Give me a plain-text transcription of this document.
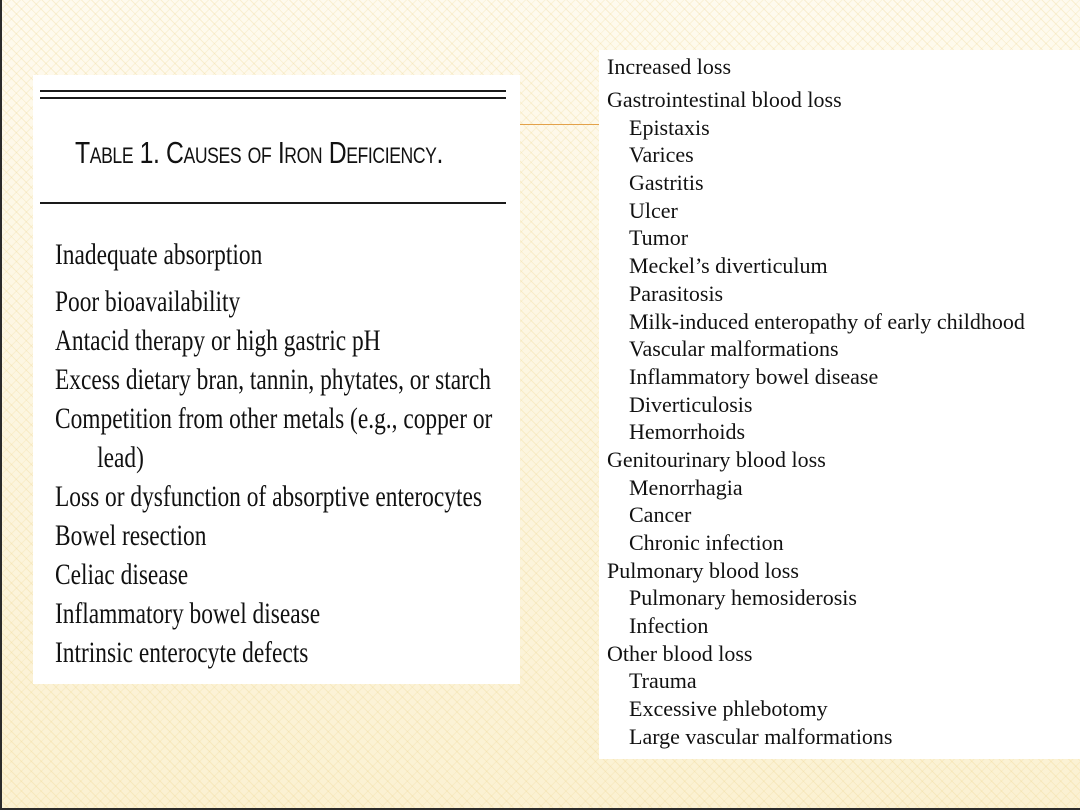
Table 1. Causes of Iron Deficiency.
Inadequate absorption
Poor bioavailability
Antacid therapy or high gastric pH
Excess dietary bran, tannin, phytates, or starch
Competition from other metals (e.g., copper or
lead)
Loss or dysfunction of absorptive enterocytes
Bowel resection
Celiac disease
Inflammatory bowel disease
Intrinsic enterocyte defects
Increased loss
Gastrointestinal blood loss
Epistaxis
Varices
Gastritis
Ulcer
Tumor
Meckel’s diverticulum
Parasitosis
Milk-induced enteropathy of early childhood
Vascular malformations
Inflammatory bowel disease
Diverticulosis
Hemorrhoids
Genitourinary blood loss
Menorrhagia
Cancer
Chronic infection
Pulmonary blood loss
Pulmonary hemosiderosis
Infection
Other blood loss
Trauma
Excessive phlebotomy
Large vascular malformations
